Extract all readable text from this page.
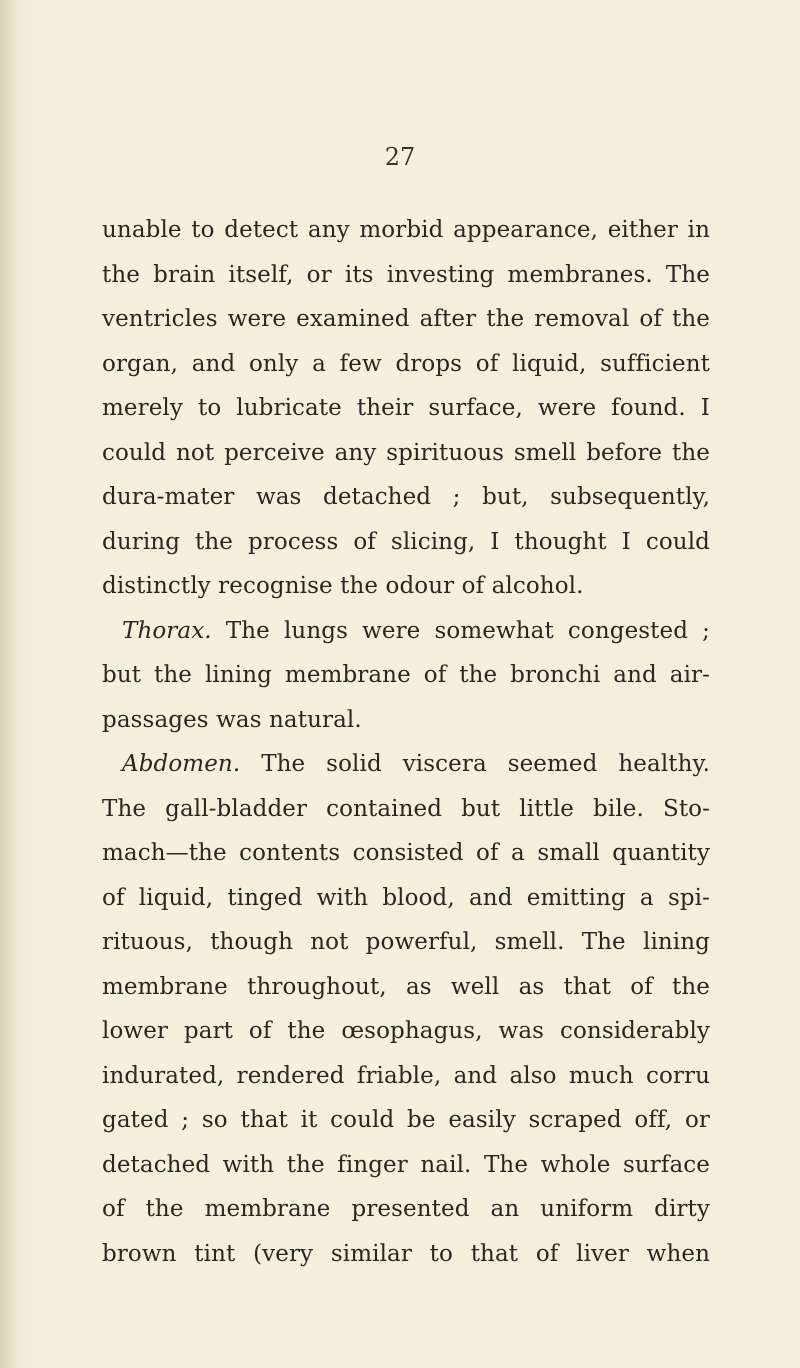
27
unable to detect any morbid appearance, either in
the brain itself, or its investing membranes. The
ventricles were examined after the removal of the
organ, and only a few drops of liquid, sufficient
merely to lubricate their surface, were found. I
could not perceive any spirituous smell before the
dura-mater was detached ; but, subsequently,
during the process of slicing, I thought I could
distinctly recognise the odour of alcohol.
Thorax. The lungs were somewhat congested ;
but the lining membrane of the bronchi and air-
passages was natural.
Abdomen. The solid viscera seemed healthy.
The gall-bladder contained but little bile. Sto-
mach—the contents consisted of a small quantity
of liquid, tinged with blood, and emitting a spi-
rituous, though not powerful, smell. The lining
membrane throughout, as well as that of the
lower part of the œsophagus, was considerably
indurated, rendered friable, and also much corru
gated ; so that it could be easily scraped off, or
detached with the finger nail. The whole surface
of the membrane presented an uniform dirty
brown tint (very similar to that of liver when
